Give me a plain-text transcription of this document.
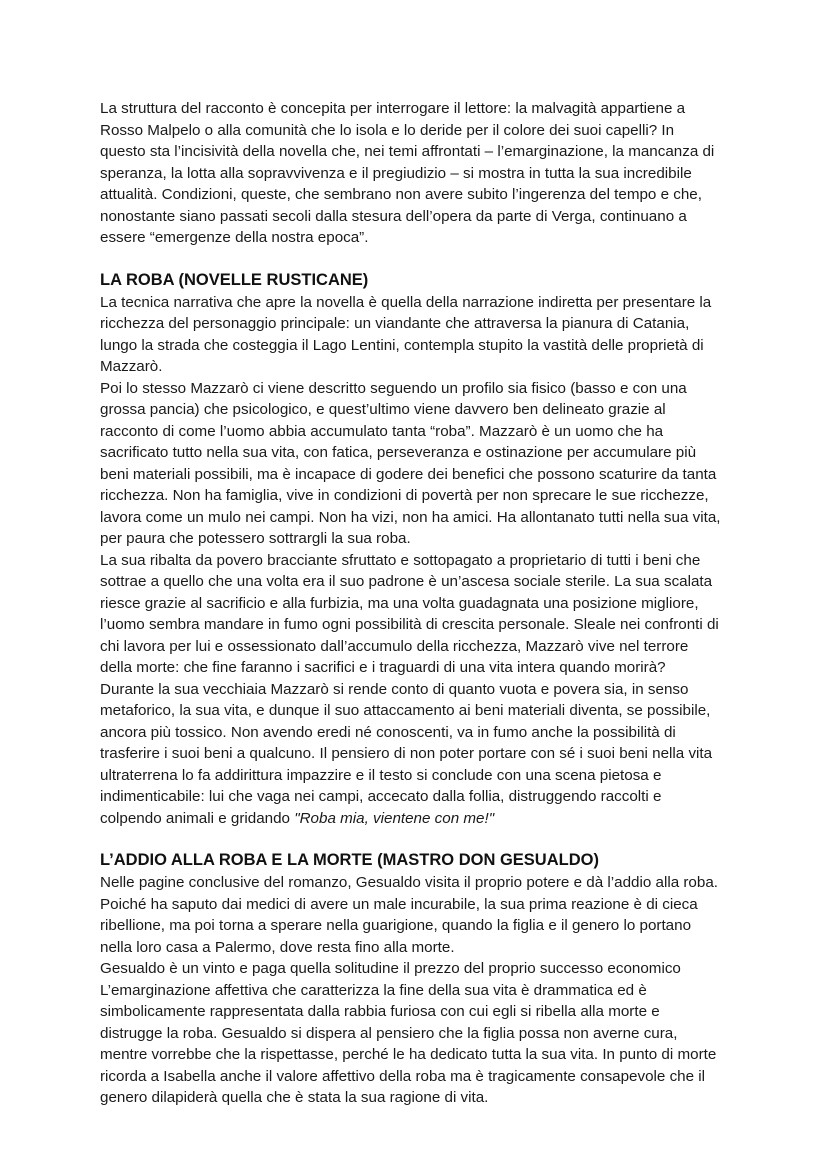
La struttura del racconto è concepita per interrogare il lettore: la malvagità appartiene a
Rosso Malpelo o alla comunità che lo isola e lo deride per il colore dei suoi capelli? In
questo sta l’incisività della novella che, nei temi affrontati – l’emarginazione, la mancanza di
speranza, la lotta alla sopravvivenza e il pregiudizio – si mostra in tutta la sua incredibile
attualità. Condizioni, queste, che sembrano non avere subito l’ingerenza del tempo e che,
nonostante siano passati secoli dalla stesura dell’opera da parte di Verga, continuano a
essere “emergenze della nostra epoca”.
LA ROBA (NOVELLE RUSTICANE)
La tecnica narrativa che apre la novella è quella della narrazione indiretta per presentare la
ricchezza del personaggio principale: un viandante che attraversa la pianura di Catania,
lungo la strada che costeggia il Lago Lentini, contempla stupito la vastità delle proprietà di
Mazzarò.
Poi lo stesso Mazzarò ci viene descritto seguendo un profilo sia fisico (basso e con una
grossa pancia) che psicologico, e quest’ultimo viene davvero ben delineato grazie al
racconto di come l’uomo abbia accumulato tanta “roba”. Mazzarò è un uomo che ha
sacrificato tutto nella sua vita, con fatica, perseveranza e ostinazione per accumulare più
beni materiali possibili, ma è incapace di godere dei benefici che possono scaturire da tanta
ricchezza. Non ha famiglia, vive in condizioni di povertà per non sprecare le sue ricchezze,
lavora come un mulo nei campi. Non ha vizi, non ha amici. Ha allontanato tutti nella sua vita,
per paura che potessero sottrargli la sua roba.
La sua ribalta da povero bracciante sfruttato e sottopagato a proprietario di tutti i beni che
sottrae a quello che una volta era il suo padrone è un’ascesa sociale sterile. La sua scalata
riesce grazie al sacrificio e alla furbizia, ma una volta guadagnata una posizione migliore,
l’uomo sembra mandare in fumo ogni possibilità di crescita personale. Sleale nei confronti di
chi lavora per lui e ossessionato dall’accumulo della ricchezza, Mazzarò vive nel terrore
della morte: che fine faranno i sacrifici e i traguardi di una vita intera quando morirà?
Durante la sua vecchiaia Mazzarò si rende conto di quanto vuota e povera sia, in senso
metaforico, la sua vita, e dunque il suo attaccamento ai beni materiali diventa, se possibile,
ancora più tossico. Non avendo eredi né conoscenti, va in fumo anche la possibilità di
trasferire i suoi beni a qualcuno. Il pensiero di non poter portare con sé i suoi beni nella vita
ultraterrena lo fa addirittura impazzire e il testo si conclude con una scena pietosa e
indimenticabile: lui che vaga nei campi, accecato dalla follia, distruggendo raccolti e
colpendo animali e gridando "Roba mia, vientene con me!"
L’ADDIO ALLA ROBA E LA MORTE (MASTRO DON GESUALDO)
Nelle pagine conclusive del romanzo, Gesualdo visita il proprio potere e dà l’addio alla roba.
Poiché ha saputo dai medici di avere un male incurabile, la sua prima reazione è di cieca
ribellione, ma poi torna a sperare nella guarigione, quando la figlia e il genero lo portano
nella loro casa a Palermo, dove resta fino alla morte.
Gesualdo è un vinto e paga quella solitudine il prezzo del proprio successo economico
L’emarginazione affettiva che caratterizza la fine della sua vita è drammatica ed è
simbolicamente rappresentata dalla rabbia furiosa con cui egli si ribella alla morte e
distrugge la roba. Gesualdo si dispera al pensiero che la figlia possa non averne cura,
mentre vorrebbe che la rispettasse, perché le ha dedicato tutta la sua vita. In punto di morte
ricorda a Isabella anche il valore affettivo della roba ma è tragicamente consapevole che il
genero dilapiderà quella che è stata la sua ragione di vita.
